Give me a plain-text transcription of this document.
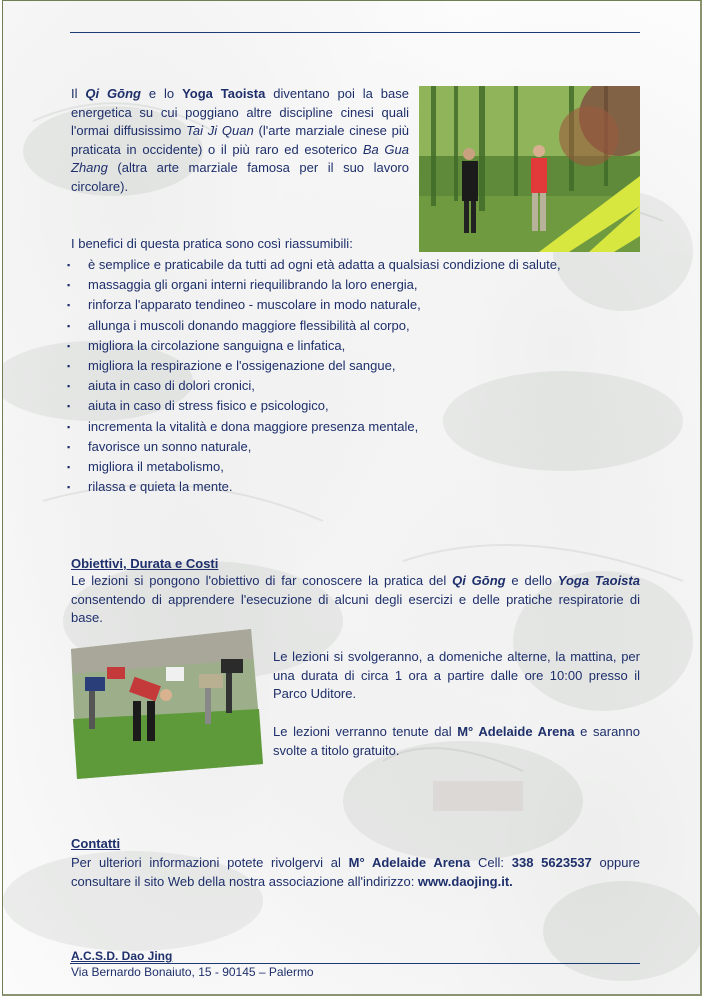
Il Qi Gōng e lo Yoga Taoista diventano poi la base energetica su cui poggiano altre discipline cinesi quali l'ormai diffusissimo Tai Ji Quan (l'arte marziale cinese più praticata in occidente) o il più raro ed esoterico Ba Gua Zhang (altra arte marziale famosa per il suo lavoro circolare).
I benefici di questa pratica sono così riassumibili:
▪	è semplice e praticabile da tutti ad ogni età adatta a qualsiasi condizione di salute,
▪	massaggia gli organi interni riequilibrando la loro energia,
▪	rinforza l'apparato tendineo - muscolare in modo naturale,
▪	allunga i muscoli donando maggiore flessibilità al corpo,
▪	migliora la circolazione sanguigna e linfatica,
▪	migliora la respirazione e l'ossigenazione del sangue,
▪	aiuta in caso di dolori cronici,
▪	aiuta in caso di stress fisico e psicologico,
▪	incrementa la vitalità e dona maggiore presenza mentale,
▪	favorisce un sonno naturale,
▪	migliora il metabolismo,
▪	rilassa e quieta la mente.
Obiettivi, Durata e Costi
Le lezioni si pongono l'obiettivo di far conoscere la pratica del Qi Gōng e dello Yoga Taoista consentendo di apprendere l'esecuzione di alcuni degli esercizi e delle pratiche respiratorie di base.
Le lezioni si svolgeranno, a domeniche alterne, la mattina, per una durata di circa 1 ora a partire dalle ore 10:00 presso il Parco Uditore.
Le lezioni verranno tenute dal M° Adelaide Arena e saranno svolte a titolo gratuito.
Contatti
Per ulteriori informazioni potete rivolgervi al M° Adelaide Arena Cell: 338 5623537 oppure consultare il sito Web della nostra associazione all'indirizzo: www.daojing.it.
A.C.S.D. Dao Jing
Via Bernardo Bonaiuto, 15 - 90145 – Palermo
